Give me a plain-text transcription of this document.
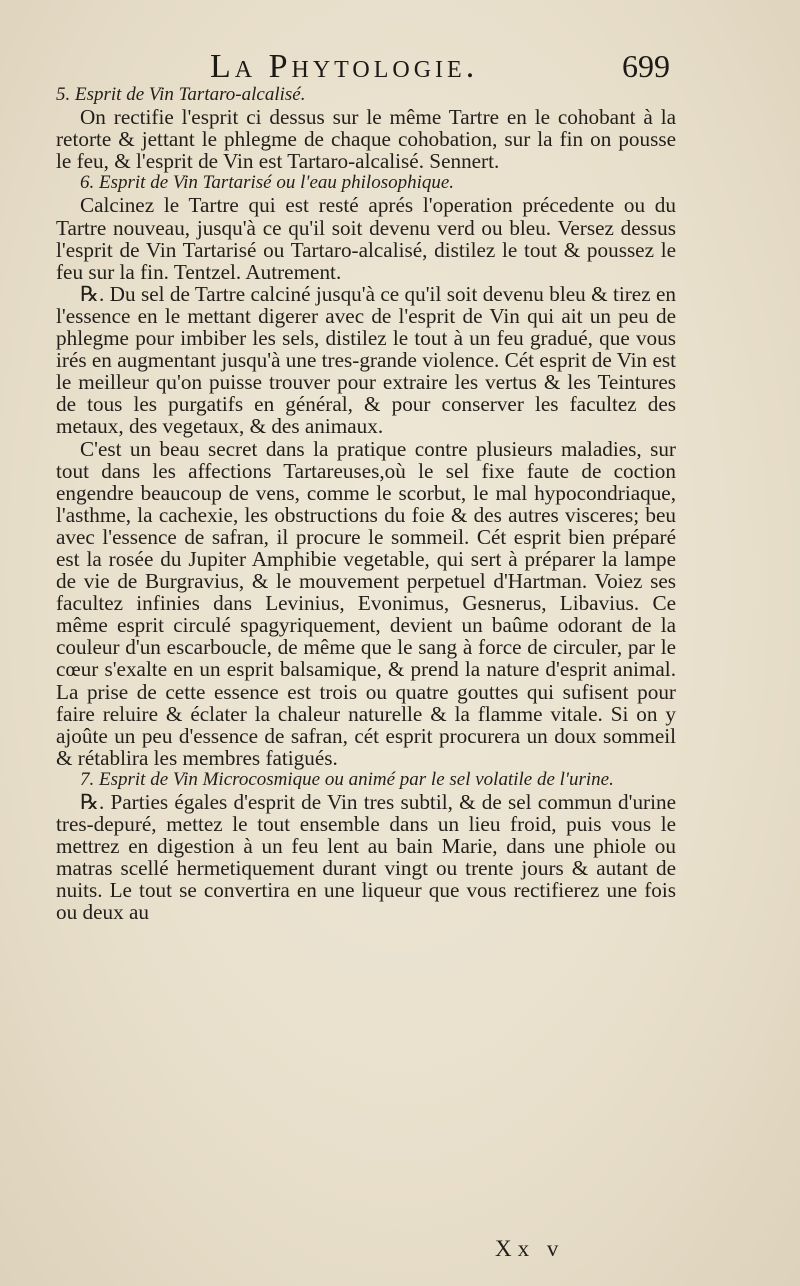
La Phytologie.	699

5. Esprit de Vin Tartaro-alcalisé.

On rectifie l'esprit ci dessus sur le même Tartre en le cohobant à la retorte & jettant le phlegme de chaque cohobation, sur la fin on pousse le feu, & l'esprit de Vin est Tartaro-alcalisé. Sennert.

6. Esprit de Vin Tartarisé ou l'eau philosophique.

Calcinez le Tartre qui est resté aprés l'operation précedente ou du Tartre nouveau, jusqu'à ce qu'il soit devenu verd ou bleu. Versez dessus l'esprit de Vin Tartarisé ou Tartaro-alcalisé, distilez le tout & poussez le feu sur la fin. Tentzel. Autrement.

℞. Du sel de Tartre calciné jusqu'à ce qu'il soit devenu bleu & tirez en l'essence en le mettant digerer avec de l'esprit de Vin qui ait un peu de phlegme pour imbiber les sels, distilez le tout à un feu gradué, que vous irés en augmentant jusqu'à une tres-grande violence. Cét esprit de Vin est le meilleur qu'on puisse trouver pour extraire les vertus & les Teintures de tous les purgatifs en général, & pour conserver les facultez des metaux, des vegetaux, & des animaux.

C'est un beau secret dans la pratique contre plusieurs maladies, sur tout dans les affections Tartareuses,où le sel fixe faute de coction engendre beaucoup de vens, comme le scorbut, le mal hypocondriaque, l'asthme, la cachexie, les obstructions du foie & des autres visceres; beu avec l'essence de safran, il procure le sommeil. Cét esprit bien préparé est la rosée du Jupiter Amphibie vegetable, qui sert à préparer la lampe de vie de Burgravius, & le mouvement perpetuel d'Hartman. Voiez ses facultez infinies dans Levinius, Evonimus, Gesnerus, Libavius. Ce même esprit circulé spagyriquement, devient un baûme odorant de la couleur d'un escarboucle, de même que le sang à force de circuler, par le cœur s'exalte en un esprit balsamique, & prend la nature d'esprit animal. La prise de cette essence est trois ou quatre gouttes qui sufisent pour faire reluire & éclater la chaleur naturelle & la flamme vitale. Si on y ajoûte un peu d'essence de safran, cét esprit procurera un doux sommeil & rétablira les membres fatigués.

7. Esprit de Vin Microcosmique ou animé par le sel volatile de l'urine.

℞. Parties égales d'esprit de Vin tres subtil, & de sel commun d'urine tres-depuré, mettez le tout ensemble dans un lieu froid, puis vous le mettrez en digestion à un feu lent au bain Marie, dans une phiole ou matras scellé hermetiquement durant vingt ou trente jours & autant de nuits. Le tout se convertira en une liqueur que vous rectifierez une fois ou deux au

Xx v
